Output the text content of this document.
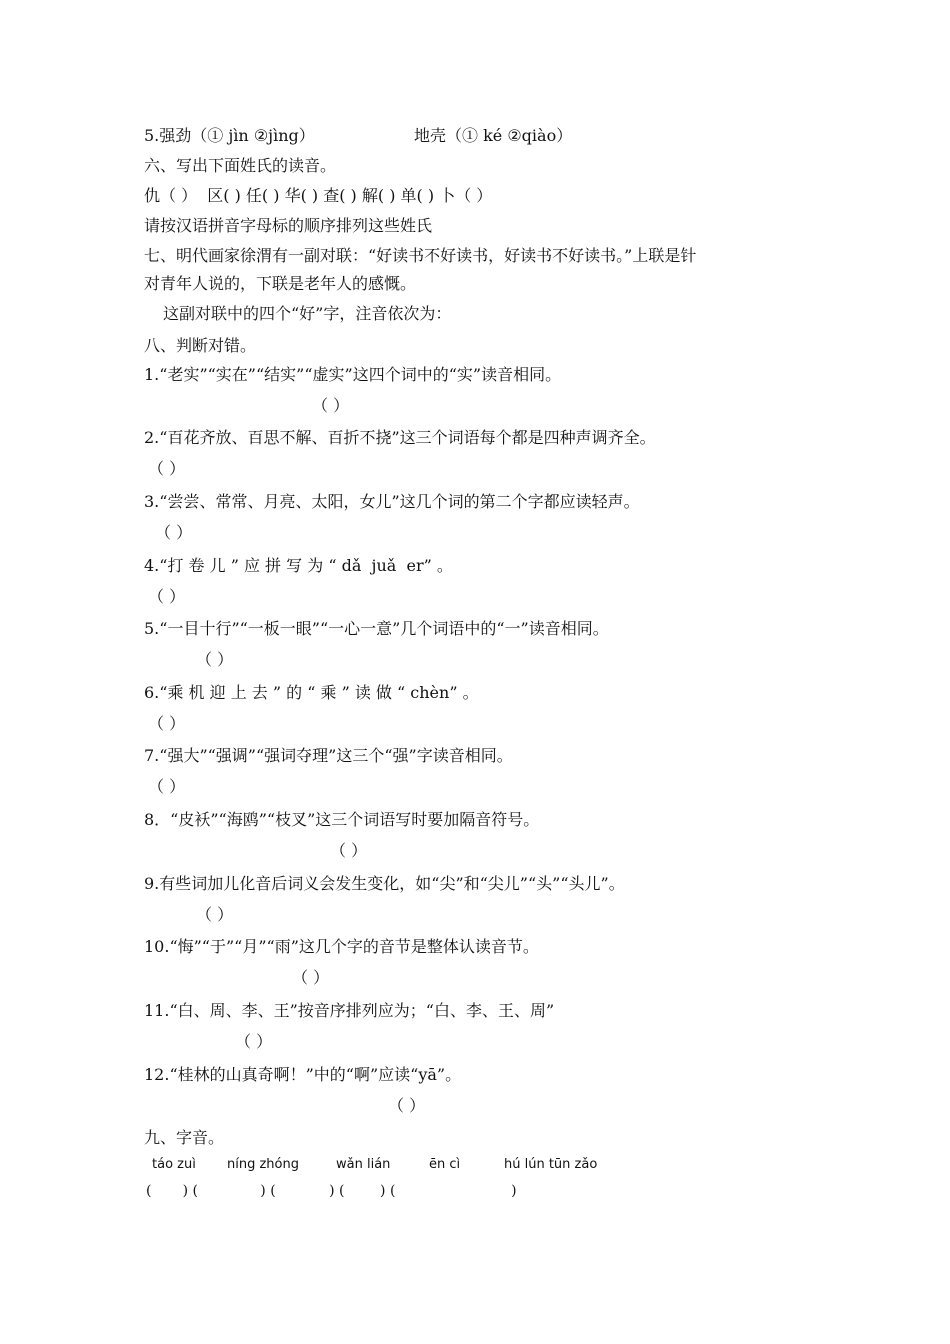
5.强劲（① jìn ②jìng）	地壳（① ké ②qiào）
六、写出下面姓氏的读音。
仇（ ）  区( ) 任( ) 华( ) 查( ) 解( ) 单( ) 卜（ ）
请按汉语拼音字母标的顺序排列这些姓氏
七、明代画家徐渭有一副对联：“好读书不好读书，好读书不好读书。”上联是针
对青年人说的，下联是老年人的感慨。
这副对联中的四个“好”字，注音依次为：
八、判断对错。
1.“老实”“实在”“结实”“虚实”这四个词中的“实”读音相同。
（ ）
2.“百花齐放、百思不解、百折不挠”这三个词语每个都是四种声调齐全。
（ ）
3.“尝尝、常常、月亮、太阳，女儿”这几个词的第二个字都应读轻声。
（ ）
4.“打 卷 儿 ” 应 拼 写 为 “ dǎ  juǎ  er” 。
（ ）
5.“一目十行”“一板一眼”“一心一意”几个词语中的“一”读音相同。
（ ）
6.“乘 机 迎 上 去 ” 的 “ 乘 ” 读 做 “ chèn” 。
（ ）
7.“强大”“强调”“强词夺理”这三个“强”字读音相同。
（ ）
8．“皮袄”“海鸥”“枝叉”这三个词语写时要加隔音符号。
（ ）
9.有些词加儿化音后词义会发生变化，如“尖”和“尖儿”“头”“头儿”。
（ ）
10.“悔”“于”“月”“雨”这几个字的音节是整体认读音节。
（ ）
11.“白、周、李、王”按音序排列应为；“白、李、王、周”
（ ）
12.“桂林的山真奇啊！”中的“啊”应读“yā”。
（ ）
九、字音。
táo zuì níng zhóng	wǎn lián	ēn cì	hú lún tūn zǎo
(       ) (              ) (            ) (        ) (                          )
